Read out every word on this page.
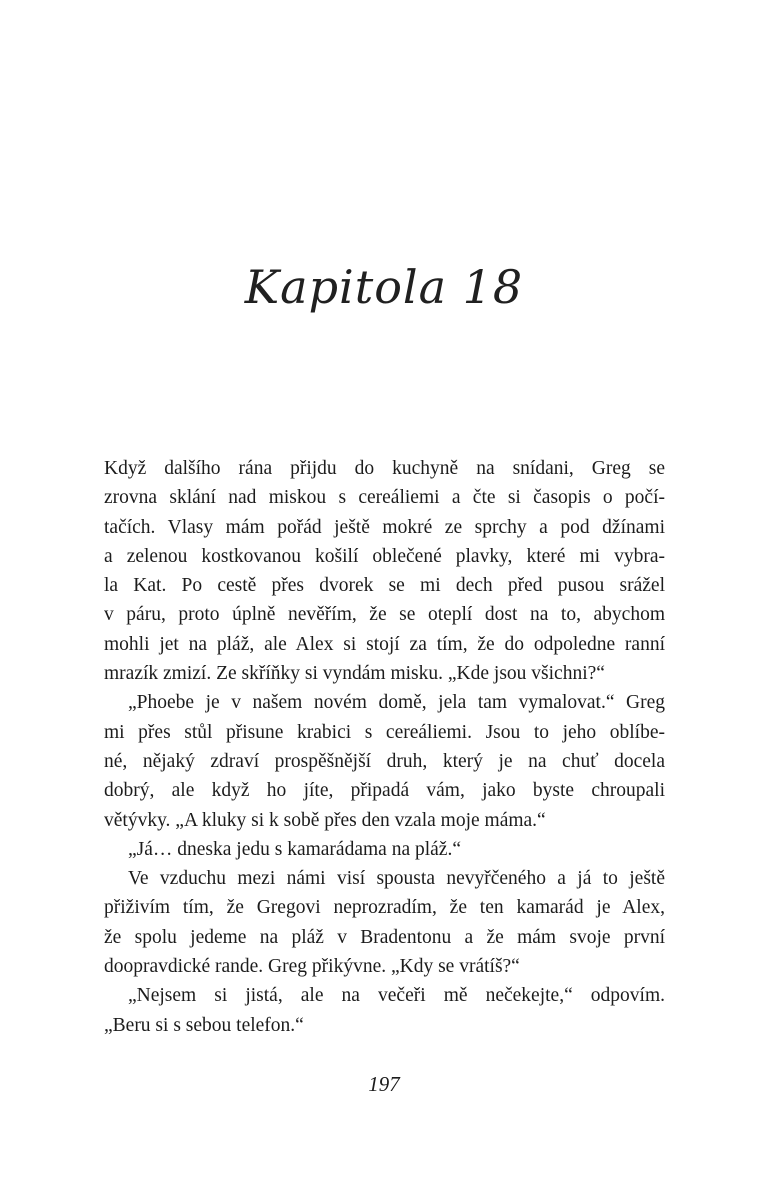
Kapitola 18
Když dalšího rána přijdu do kuchyně na snídani, Greg se
zrovna sklání nad miskou s cereáliemi a čte si časopis o počí-
tačích. Vlasy mám pořád ještě mokré ze sprchy a pod džínami
a zelenou kostkovanou košilí oblečené plavky, které mi vybra-
la Kat. Po cestě přes dvorek se mi dech před pusou srážel
v páru, proto úplně nevěřím, že se oteplí dost na to, abychom
mohli jet na pláž, ale Alex si stojí za tím, že do odpoledne ranní
mrazík zmizí. Ze skříňky si vyndám misku. „Kde jsou všichni?“
„Phoebe je v našem novém domě, jela tam vymalovat.“ Greg
mi přes stůl přisune krabici s cereáliemi. Jsou to jeho oblíbe-
né, nějaký zdraví prospěšnější druh, který je na chuť docela
dobrý, ale když ho jíte, připadá vám, jako byste chroupali
větývky. „A kluky si k sobě přes den vzala moje máma.“
„Já… dneska jedu s kamarádama na pláž.“
Ve vzduchu mezi námi visí spousta nevyřčeného a já to ještě
přiživím tím, že Gregovi neprozradím, že ten kamarád je Alex,
že spolu jedeme na pláž v Bradentonu a že mám svoje první
doopravdické rande. Greg přikývne. „Kdy se vrátíš?“
„Nejsem si jistá, ale na večeři mě nečekejte,“ odpovím.
„Beru si s sebou telefon.“
197
